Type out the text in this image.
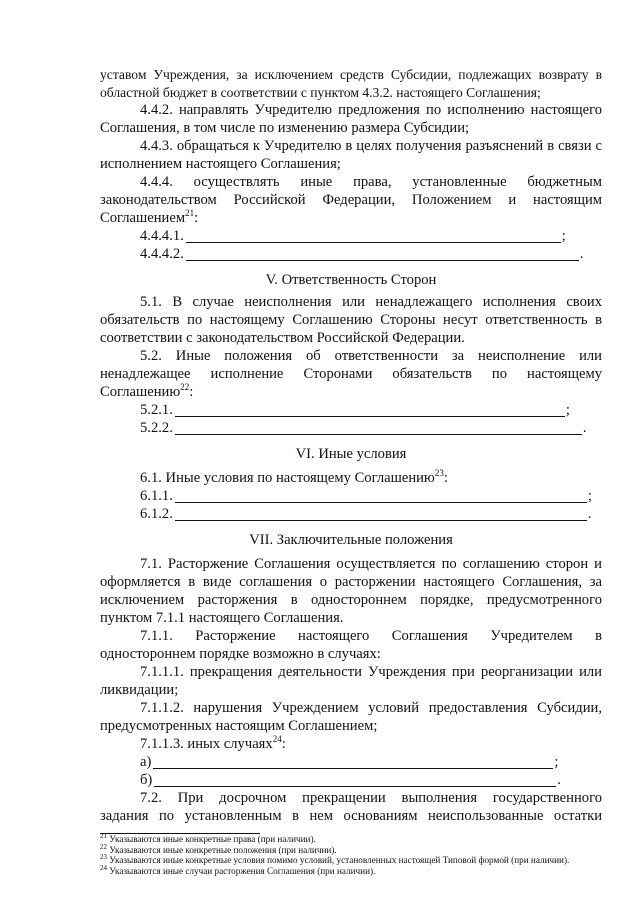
уставом Учреждения, за исключением средств Субсидии, подлежащих возврату в

областной бюджет в соответствии с пунктом 4.3.2. настоящего Соглашения;

4.4.2. направлять Учредителю предложения по исполнению настоящего Соглашения, в том числе по изменению размера Субсидии;

4.4.3. обращаться к Учредителю в целях получения разъяснений в связи с исполнением настоящего Соглашения;

4.4.4. осуществлять иные права, установленные бюджетным

законодательством Российской Федерации, Положением и настоящим

Соглашением$^{21}$:

4.4.4.1.	;
4.4.4.2.	.

V. Ответственность Сторон

5.1. В случае неисполнения или ненадлежащего исполнения своих обязательств по настоящему Соглашению Стороны несут ответственность в соответствии с законодательством Российской Федерации.

5.2. Иные положения об ответственности за неисполнение или

ненадлежащее исполнение Сторонами обязательств по настоящему

Соглашению$^{22}$:

5.2.1.	;
5.2.2.	.

VI. Иные условия

6.1. Иные условия по настоящему Соглашению$^{23}$:

6.1.1.	;
6.1.2.	.

VII. Заключительные положения

7.1. Расторжение Соглашения осуществляется по соглашению сторон и оформляется в виде соглашения о расторжении настоящего Соглашения, за исключением расторжения в одностороннем порядке, предусмотренного пунктом 7.1.1 настоящего Соглашения.

7.1.1. Расторжение настоящего Соглашения Учредителем в

одностороннем порядке возможно в случаях:

7.1.1.1. прекращения деятельности Учреждения при реорганизации или ликвидации;

7.1.1.2. нарушения Учреждением условий предоставления Субсидии, предусмотренных настоящим Соглашением;

7.1.1.3. иных случаях$^{24}$:

а)	;
б)	.

7.2. При досрочном прекращении выполнения государственного

задания по установленным в нем основаниям неиспользованные остатки

$^{21}$ Указываются иные конкретные права (при наличии).

$^{22}$ Указываются иные конкретные положения (при наличии).

$^{23}$ Указываются иные конкретные условия помимо условий, установленных настоящей Типовой формой (при наличии).

$^{24}$ Указываются иные случаи расторжения Соглашения (при наличии).
